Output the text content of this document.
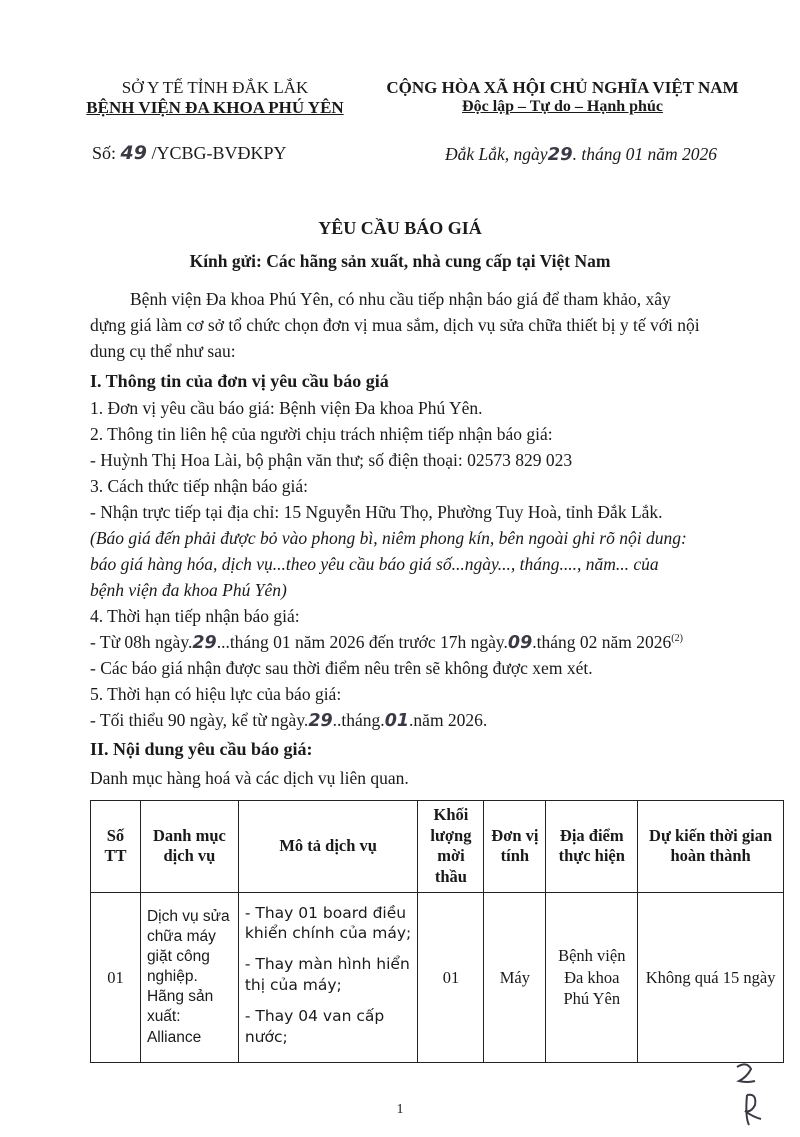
SỞ Y TẾ TỈNH ĐẮK LẮK
BỆNH VIỆN ĐA KHOA PHÚ YÊN
CỘNG HÒA XÃ HỘI CHỦ NGHĨA VIỆT NAM
Độc lập – Tự do – Hạnh phúc
Số: 49 /YCBG-BVĐKPY	Đắk Lắk, ngày29. tháng 01 năm 2026
YÊU CẦU BÁO GIÁ
Kính gửi: Các hãng sản xuất, nhà cung cấp tại Việt Nam
Bệnh viện Đa khoa Phú Yên, có nhu cầu tiếp nhận báo giá để tham khảo, xây
dựng giá làm cơ sở tổ chức chọn đơn vị mua sắm, dịch vụ sửa chữa thiết bị y tế với nội
dung cụ thể như sau:
I. Thông tin của đơn vị yêu cầu báo giá
1. Đơn vị yêu cầu báo giá: Bệnh viện Đa khoa Phú Yên.
2. Thông tin liên hệ của người chịu trách nhiệm tiếp nhận báo giá:
- Huỳnh Thị Hoa Lài, bộ phận văn thư; số điện thoại: 02573 829 023
3. Cách thức tiếp nhận báo giá:
- Nhận trực tiếp tại địa chỉ: 15 Nguyễn Hữu Thọ, Phường Tuy Hoà, tỉnh Đắk Lắk.
(Báo giá đến phải được bỏ vào phong bì, niêm phong kín, bên ngoài ghi rõ nội dung:
báo giá hàng hóa, dịch vụ...theo yêu cầu báo giá số...ngày..., tháng...., năm... của
bệnh viện đa khoa Phú Yên)
4. Thời hạn tiếp nhận báo giá:
- Từ 08h ngày.29...tháng 01 năm 2026 đến trước 17h ngày.09.tháng 02 năm 2026$^{(2)}$
- Các báo giá nhận được sau thời điểm nêu trên sẽ không được xem xét.
5. Thời hạn có hiệu lực của báo giá:
- Tối thiểu 90 ngày, kể từ ngày.29..tháng.01.năm 2026.
II. Nội dung yêu cầu báo giá:
Danh mục hàng hoá và các dịch vụ liên quan.
Số TT	Danh mục dịch vụ	Mô tả dịch vụ	Khối lượng mời thầu	Đơn vị tính	Địa điểm thực hiện	Dự kiến thời gian hoàn thành
01	Dịch vụ sửa chữa máy giặt công nghiệp. Hãng sản xuất: Alliance	- Thay 01 board điều khiển chính của máy;

- Thay màn hình hiển thị của máy;

- Thay 04 van cấp nước;	01	Máy	Bệnh viện Đa khoa Phú Yên	Không quá 15 ngày
1
